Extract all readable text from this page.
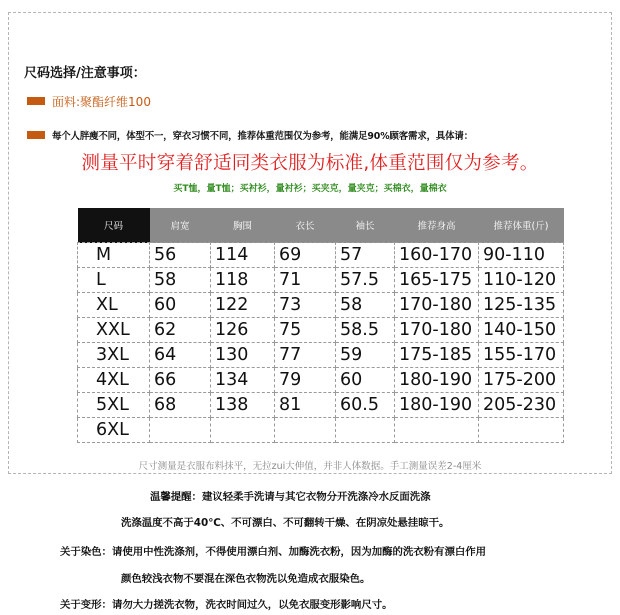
尺码选择/注意事项：
面料:聚酯纤维100
每个人胖瘦不同，体型不一，穿衣习惯不同，推荐体重范围仅为参考，能满足90%顾客需求，具体请：
测量平时穿着舒适同类衣服为标准,体重范围仅为参考。
买T恤，量T恤；买衬衫，量衬衫；买夹克，量夹克；买棉衣，量棉衣
尺码	肩宽	胸围	衣长	袖长	推荐身高	推荐体重(斤)
M	56	114	69	57	160-170	90-110
L	58	118	71	57.5	165-175	110-120
XL	60	122	73	58	170-180	125-135
XXL	62	126	75	58.5	170-180	140-150
3XL	64	130	77	59	175-185	155-170
4XL	66	134	79	60	180-190	175-200
5XL	68	138	81	60.5	180-190	205-230
6XL						
尺寸测量是衣服布料抹平，无拉zui大伸值，并非人体数据。手工测量误差2-4厘米
温馨提醒：建议轻柔手洗请与其它衣物分开洗涤冷水反面洗涤
洗涤温度不高于40℃、不可漂白、不可翻转干燥、在阴凉处悬挂晾干。
关于染色：请使用中性洗涤剂，不得使用漂白剂、加酶洗衣粉，因为加酶的洗衣粉有漂白作用
颜色较浅衣物不要混在深色衣物洗以免造成衣服染色。
关于变形：请勿大力搓洗衣物，洗衣时间过久，以免衣服变形影响尺寸。
